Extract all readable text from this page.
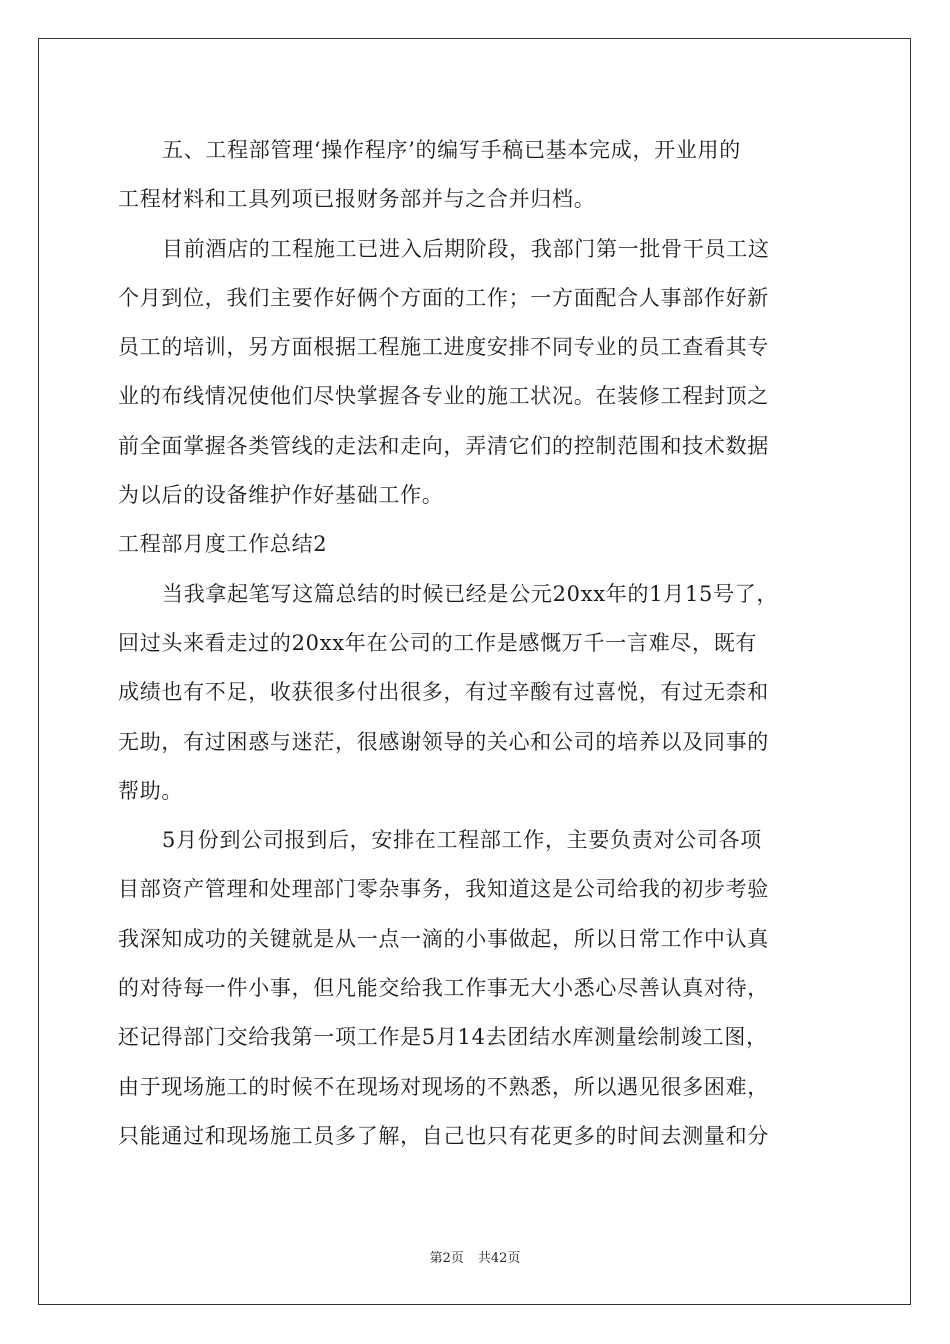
五、工程部管理‘操作程序’的编写手稿已基本完成，开业用的
工程材料和工具列项已报财务部并与之合并归档。
目前酒店的工程施工已进入后期阶段，我部门第一批骨干员工这
个月到位，我们主要作好俩个方面的工作；一方面配合人事部作好新
员工的培训，另方面根据工程施工进度安排不同专业的员工查看其专
业的布线情况使他们尽快掌握各专业的施工状况。在装修工程封顶之
前全面掌握各类管线的走法和走向，弄清它们的控制范围和技术数据
为以后的设备维护作好基础工作。
工程部月度工作总结2
当我拿起笔写这篇总结的时候已经是公元20xx年的1月15号了，
回过头来看走过的20xx年在公司的工作是感慨万千一言难尽，既有
成绩也有不足，收获很多付出很多，有过辛酸有过喜悦，有过无柰和
无助，有过困惑与迷茫，很感谢领导的关心和公司的培养以及同事的
帮助。
5月份到公司报到后，安排在工程部工作，主要负责对公司各项
目部资产管理和处理部门零杂事务，我知道这是公司给我的初步考验
我深知成功的关键就是从一点一滴的小事做起，所以日常工作中认真
的对待每一件小事，但凡能交给我工作事无大小悉心尽善认真对待，
还记得部门交给我第一项工作是5月14去团结水库测量绘制竣工图，
由于现场施工的时候不在现场对现场的不熟悉，所以遇见很多困难，
只能通过和现场施工员多了解，自己也只有花更多的时间去测量和分
第2页 共42页
